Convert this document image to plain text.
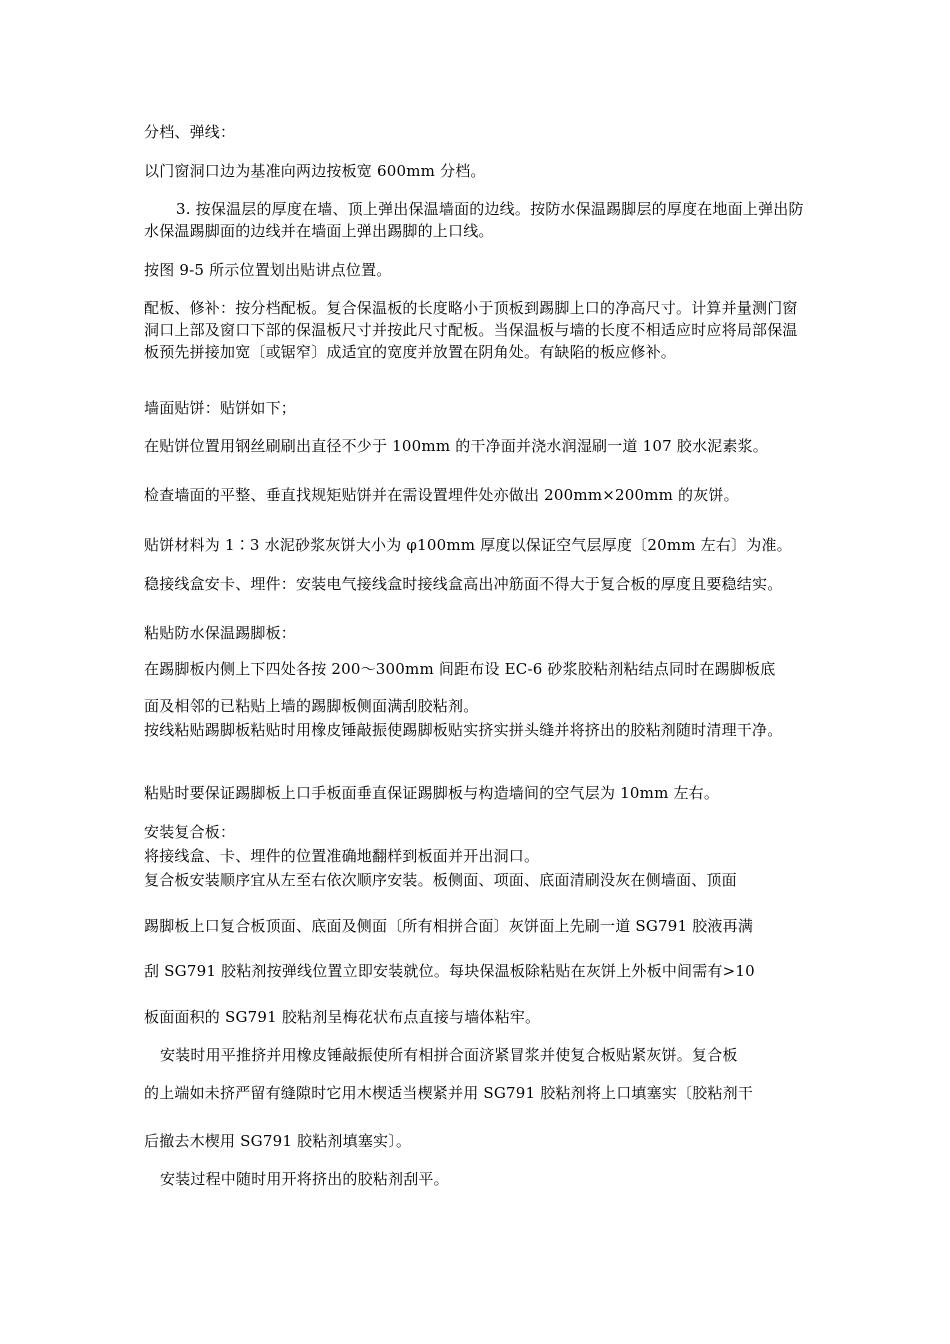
分档、弹线：
以门窗洞口边为基准向两边按板宽 600mm 分档。
3. 按保温层的厚度在墙、顶上弹出保温墙面的边线。按防水保温踢脚层的厚度在地面上弹出防水保温踢脚面的边线并在墙面上弹出踢脚的上口线。
按图 9-5 所示位置划出贴讲点位置。
配板、修补：按分档配板。复合保温板的长度略小于顶板到踢脚上口的净高尺寸。计算并量测门窗洞口上部及窗口下部的保温板尺寸并按此尺寸配板。当保温板与墙的长度不相适应时应将局部保温板预先拼接加宽〔或锯窄〕成适宜的宽度并放置在阴角处。有缺陷的板应修补。
墙面贴饼：贴饼如下；
在贴饼位置用钢丝刷刷出直径不少于 100mm 的干净面并浇水润湿刷一道 107 胶水泥素浆。
检查墙面的平整、垂直找规矩贴饼并在需设置埋件处亦做出 200mm×200mm 的灰饼。
贴饼材料为 1∶3 水泥砂浆灰饼大小为 φ100mm 厚度以保证空气层厚度〔20mm 左右〕为准。
稳接线盒安卡、埋件：安装电气接线盒时接线盒高出冲筋面不得大于复合板的厚度且要稳结实。
粘贴防水保温踢脚板：
在踢脚板内侧上下四处各按 200～300mm 间距布设 EC-6 砂浆胶粘剂粘结点同时在踢脚板底
面及相邻的已粘贴上墙的踢脚板侧面满刮胶粘剂。
按线粘贴踢脚板粘贴时用橡皮锤敲振使踢脚板贴实挤实拼头缝并将挤出的胶粘剂随时清理干净。
粘贴时要保证踢脚板上口手板面垂直保证踢脚板与构造墙间的空气层为 10mm 左右。
安装复合板：
将接线盒、卡、埋件的位置准确地翻样到板面并开出洞口。
复合板安装顺序宜从左至右依次顺序安装。板侧面、项面、底面清刷没灰在侧墙面、顶面
踢脚板上口复合板顶面、底面及侧面〔所有相拼合面〕灰饼面上先刷一道 SG791 胶液再满
刮 SG791 胶粘剂按弹线位置立即安装就位。每块保温板除粘贴在灰饼上外板中间需有>10
板面面积的 SG791 胶粘剂呈梅花状布点直接与墙体粘牢。
安装时用平推挤并用橡皮锤敲振使所有相拼合面济紧冒浆并使复合板贴紧灰饼。复合板
的上端如未挤严留有缝隙时它用木楔适当楔紧并用 SG791 胶粘剂将上口填塞实〔胶粘剂干
后撤去木楔用 SG791 胶粘剂填塞实〕。
安装过程中随时用开将挤出的胶粘剂刮平。
